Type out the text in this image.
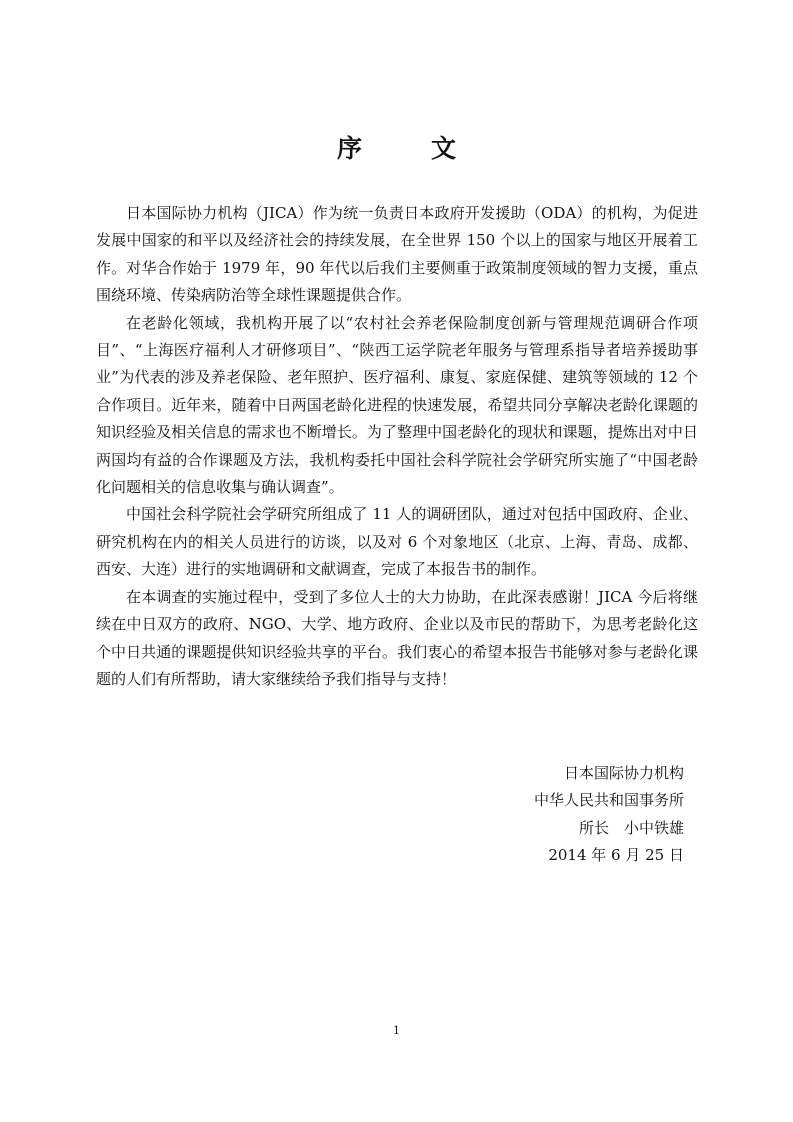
序　文

日本国际协力机构（JICA）作为统一负责日本政府开发援助（ODA）的机构，为促进发展中国家的和平以及经济社会的持续发展，在全世界 150 个以上的国家与地区开展着工作。对华合作始于 1979 年，90 年代以后我们主要侧重于政策制度领域的智力支援，重点围绕环境、传染病防治等全球性课题提供合作。

在老龄化领域，我机构开展了以“农村社会养老保险制度创新与管理规范调研合作项目”、“上海医疗福利人才研修项目”、“陕西工运学院老年服务与管理系指导者培养援助事业”为代表的涉及养老保险、老年照护、医疗福利、康复、家庭保健、建筑等领域的 12 个合作项目。近年来，随着中日两国老龄化进程的快速发展，希望共同分享解决老龄化课题的知识经验及相关信息的需求也不断增长。为了整理中国老龄化的现状和课题，提炼出对中日两国均有益的合作课题及方法，我机构委托中国社会科学院社会学研究所实施了“中国老龄化问题相关的信息收集与确认调查”。

中国社会科学院社会学研究所组成了 11 人的调研团队，通过对包括中国政府、企业、研究机构在内的相关人员进行的访谈，以及对 6 个对象地区（北京、上海、青岛、成都、西安、大连）进行的实地调研和文献调查，完成了本报告书的制作。

在本调查的实施过程中，受到了多位人士的大力协助，在此深表感谢！JICA 今后将继续在中日双方的政府、NGO、大学、地方政府、企业以及市民的帮助下，为思考老龄化这个中日共通的课题提供知识经验共享的平台。我们衷心的希望本报告书能够对参与老龄化课题的人们有所帮助，请大家继续给予我们指导与支持！

日本国际协力机构
中华人民共和国事务所
所长　小中铁雄
2014 年 6 月 25 日
1
